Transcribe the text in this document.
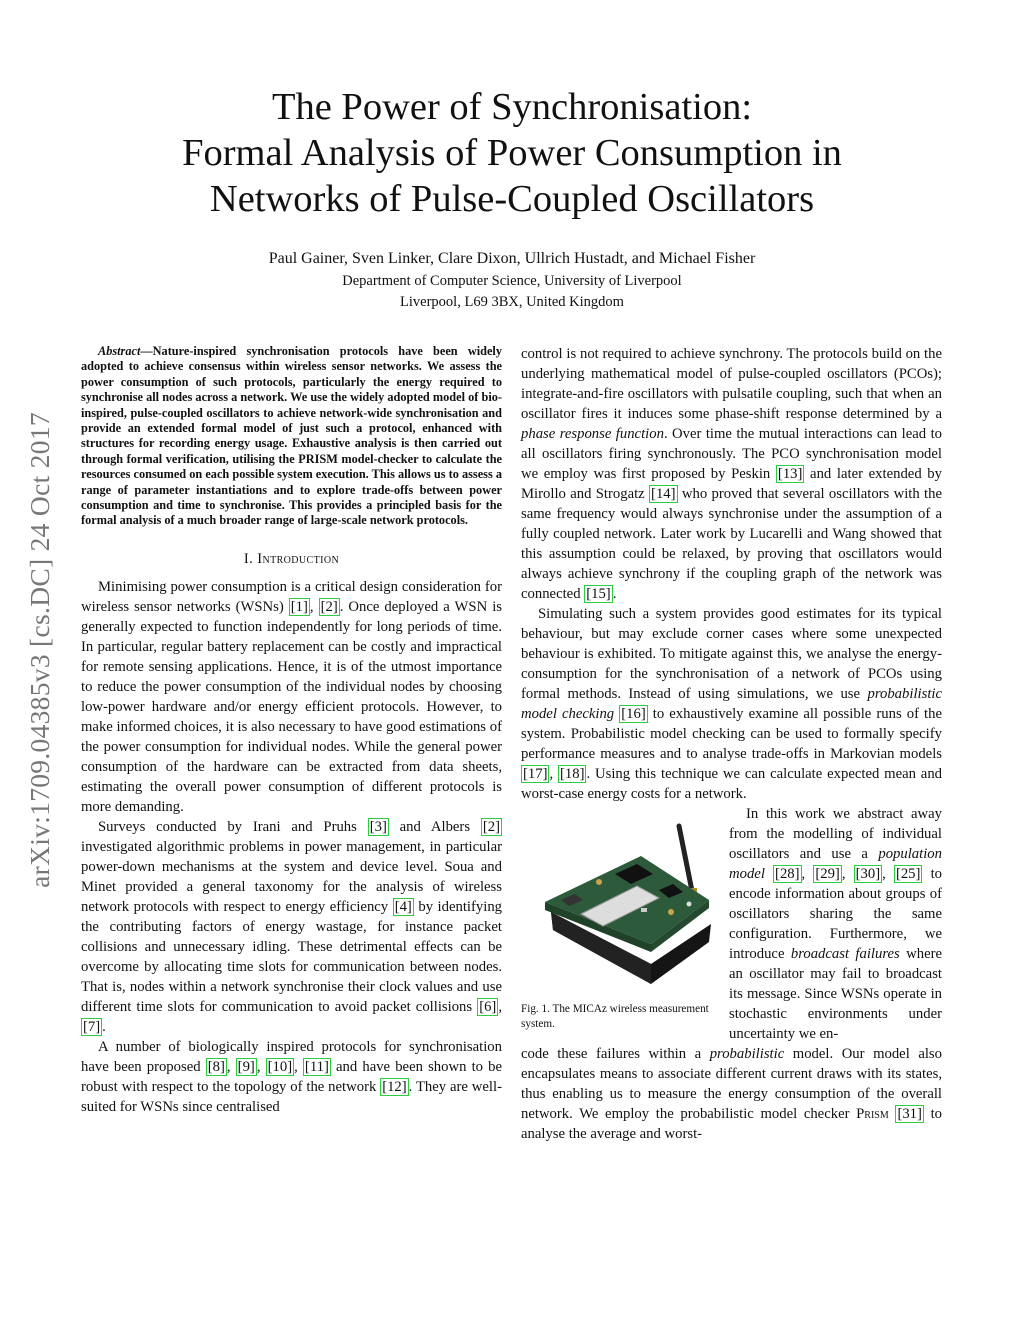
arXiv:1709.04385v3 [cs.DC] 24 Oct 2017
The Power of Synchronisation:
Formal Analysis of Power Consumption in
Networks of Pulse-Coupled Oscillators
Paul Gainer, Sven Linker, Clare Dixon, Ullrich Hustadt, and Michael Fisher
Department of Computer Science, University of Liverpool
Liverpool, L69 3BX, United Kingdom

Abstract—Nature-inspired synchronisation protocols have been widely adopted to achieve consensus within wireless sensor networks. We assess the power consumption of such protocols, particularly the energy required to synchronise all nodes across a network. We use the widely adopted model of bio-inspired, pulse-coupled oscillators to achieve network-wide synchronisation and provide an extended formal model of just such a protocol, enhanced with structures for recording energy usage. Exhaustive analysis is then carried out through formal verification, utilising the PRISM model-checker to calculate the resources consumed on each possible system execution. This allows us to assess a range of parameter instantiations and to explore trade-offs between power consumption and time to synchronise. This provides a principled basis for the formal analysis of a much broader range of large-scale network protocols.

I. Introduction

Minimising power consumption is a critical design consideration for wireless sensor networks (WSNs) [1] , [2] . Once deployed a WSN is generally expected to function independently for long periods of time. In particular, regular battery replacement can be costly and impractical for remote sensing applications. Hence, it is of the utmost importance to reduce the power consumption of the individual nodes by choosing low-power hardware and/or energy efficient protocols. However, to make informed choices, it is also necessary to have good estimations of the power consumption for individual nodes. While the general power consumption of the hardware can be extracted from data sheets, estimating the overall power consumption of different protocols is more demanding.

Surveys conducted by Irani and Pruhs [3] and Albers [2] investigated algorithmic problems in power management, in particular power-down mechanisms at the system and device level. Soua and Minet provided a general taxonomy for the analysis of wireless network protocols with respect to energy efficiency [4] by identifying the contributing factors of energy wastage, for instance packet collisions and unnecessary idling. These detrimental effects can be overcome by allocating time slots for communication between nodes. That is, nodes within a network synchronise their clock values and use different time slots for communication to avoid packet collisions [6] , [7] .

A number of biologically inspired protocols for synchronisation have been proposed [8] , [9] , [10] , [11] and have been shown to be robust with respect to the topology of the network [12] . They are well-suited for WSNs since centralised

control is not required to achieve synchrony. The protocols build on the underlying mathematical model of pulse-coupled oscillators (PCOs); integrate-and-fire oscillators with pulsatile coupling, such that when an oscillator fires it induces some phase-shift response determined by a phase response function. Over time the mutual interactions can lead to all oscillators firing synchronously. The PCO synchronisation model we employ was first proposed by Peskin [13] and later extended by Mirollo and Strogatz [14] who proved that several oscillators with the same frequency would always synchronise under the assumption of a fully coupled network. Later work by Lucarelli and Wang showed that this assumption could be relaxed, by proving that oscillators would always achieve synchrony if the coupling graph of the network was connected [15] .

Simulating such a system provides good estimates for its typical behaviour, but may exclude corner cases where some unexpected behaviour is exhibited. To mitigate against this, we analyse the energy-consumption for the synchronisation of a network of PCOs using formal methods. Instead of using simulations, we use probabilistic model checking [16] to exhaustively examine all possible runs of the system. Probabilistic model checking can be used to formally specify performance measures and to analyse trade-offs in Markovian models [17] , [18] . Using this technique we can calculate expected mean and worst-case energy costs for a network.

Fig. 1. The MICAz wireless measurement system.

In this work we abstract away from the modelling of individual oscillators and use a population model [28] , [29] , [30] , [25] to encode information about groups of oscillators sharing the same configuration. Furthermore, we introduce broadcast failures where an oscillator may fail to broadcast its message. Since WSNs operate in stochastic environments under uncertainty we en-

code these failures within a probabilistic model. Our model also encapsulates means to associate different current draws with its states, thus enabling us to measure the energy consumption of the overall network. We employ the probabilistic model checker Prism [31] to analyse the average and worst-
